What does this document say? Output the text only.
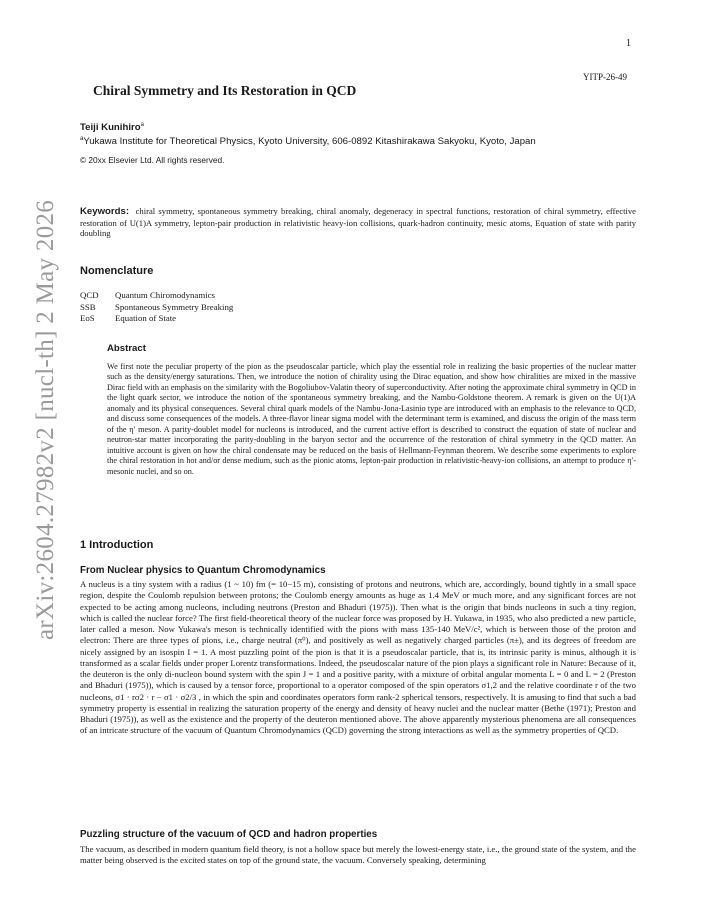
1
YITP-26-49
arXiv:2604.27982v2 [nucl-th] 2 May 2026
Chiral Symmetry and Its Restoration in QCD
Teiji Kunihiro$^a$
$^a$Yukawa Institute for Theoretical Physics, Kyoto University, 606-0892 Kitashirakawa Sakyoku, Kyoto, Japan
© 20xx Elsevier Ltd. All rights reserved.
Keywords: chiral symmetry, spontaneous symmetry breaking, chiral anomaly, degeneracy in spectral functions, restoration of chiral symmetry, effective restoration of U(1)A symmetry, lepton-pair production in relativistic heavy-ion collisions, quark-hadron continuity, mesic atoms, Equation of state with parity doubling
Nomenclature
QCD Quantum Chiromodynamics
SSB Spontaneous Symmetry Breaking
EoS Equation of State
Abstract
We first note the peculiar property of the pion as the pseudoscalar particle, which play the essential role in realizing the basic properties of the nuclear matter such as the density/energy saturations. Then, we introduce the notion of chirality using the Dirac equation, and show how chiralities are mixed in the massive Dirac field with an emphasis on the similarity with the Bogoliubov-Valatin theory of superconductivity. After noting the approximate chiral symmetry in QCD in the light quark sector, we introduce the notion of the spontaneous symmetry breaking, and the Nambu-Goldstone theorem. A remark is given on the U(1)A anomaly and its physical consequences. Several chiral quark models of the Nambu-Jona-Lasinio type are introduced with an emphasis to the relevance to QCD, and discuss some consequences of the models. A three-flavor linear sigma model with the determinant term is examined, and discuss the origin of the mass term of the η′ meson. A parity-doublet model for nucleons is introduced, and the current active effort is described to construct the equation of state of nuclear and neutron-star matter incorporating the parity-doubling in the baryon sector and the occurrence of the restoration of chiral symmetry in the QCD matter. An intuitive account is given on how the chiral condensate may be reduced on the basis of Hellmann-Feynman theorem. We describe some experiments to explore the chiral restoration in hot and/or dense medium, such as the pionic atoms, lepton-pair production in relativistic-heavy-ion collisions, an attempt to produce η′-mesonic nuclei, and so on.
1 Introduction
From Nuclear physics to Quantum Chromodynamics
A nucleus is a tiny system with a radius (1 ~ 10) fm (= 10−15 m), consisting of protons and neutrons, which are, accordingly, bound tightly in a small space region, despite the Coulomb repulsion between protons; the Coulomb energy amounts as huge as 1.4 MeV or much more, and any significant forces are not expected to be acting among nucleons, including neutrons (Preston and Bhaduri (1975)). Then what is the origin that binds nucleons in such a tiny region, which is called the nuclear force? The first field-theoretical theory of the nuclear force was proposed by H. Yukawa, in 1935, who also predicted a new particle, later called a meson. Now Yukawa's meson is technically identified with the pions with mass 135-140 MeV/c², which is between those of the proton and electron: There are three types of pions, i.e., charge neutral (π⁰), and positively as well as negatively charged particles (π±), and its degrees of freedom are nicely assigned by an isospin I = 1. A most puzzling point of the pion is that it is a pseudoscalar particle, that is, its intrinsic parity is minus, although it is transformed as a scalar fields under proper Lorentz transformations. Indeed, the pseudoscalar nature of the pion plays a significant role in Nature: Because of it, the deuteron is the only di-nucleon bound system with the spin J = 1 and a positive parity, with a mixture of orbital angular momenta L = 0 and L = 2 (Preston and Bhaduri (1975)), which is caused by a tensor force, proportional to a operator composed of the spin operators σ1,2 and the relative coordinate r of the two nucleons, σ1 · rσ2 · r − σ1 · σ2/3 , in which the spin and coordinates operators form rank-2 spherical tensors, respectively. It is amusing to find that such a bad symmetry property is essential in realizing the saturation property of the energy and density of heavy nuclei and the nuclear matter (Bethe (1971); Preston and Bhaduri (1975)), as well as the existence and the property of the deuteron mentioned above. The above apparently mysterious phenomena are all consequences of an intricate structure of the vacuum of Quantum Chromodynamics (QCD) governing the strong interactions as well as the symmetry properties of QCD.
Puzzling structure of the vacuum of QCD and hadron properties
The vacuum, as described in modern quantum field theory, is not a hollow space but merely the lowest-energy state, i.e., the ground state of the system, and the matter being observed is the excited states on top of the ground state, the vacuum. Conversely speaking, determining
